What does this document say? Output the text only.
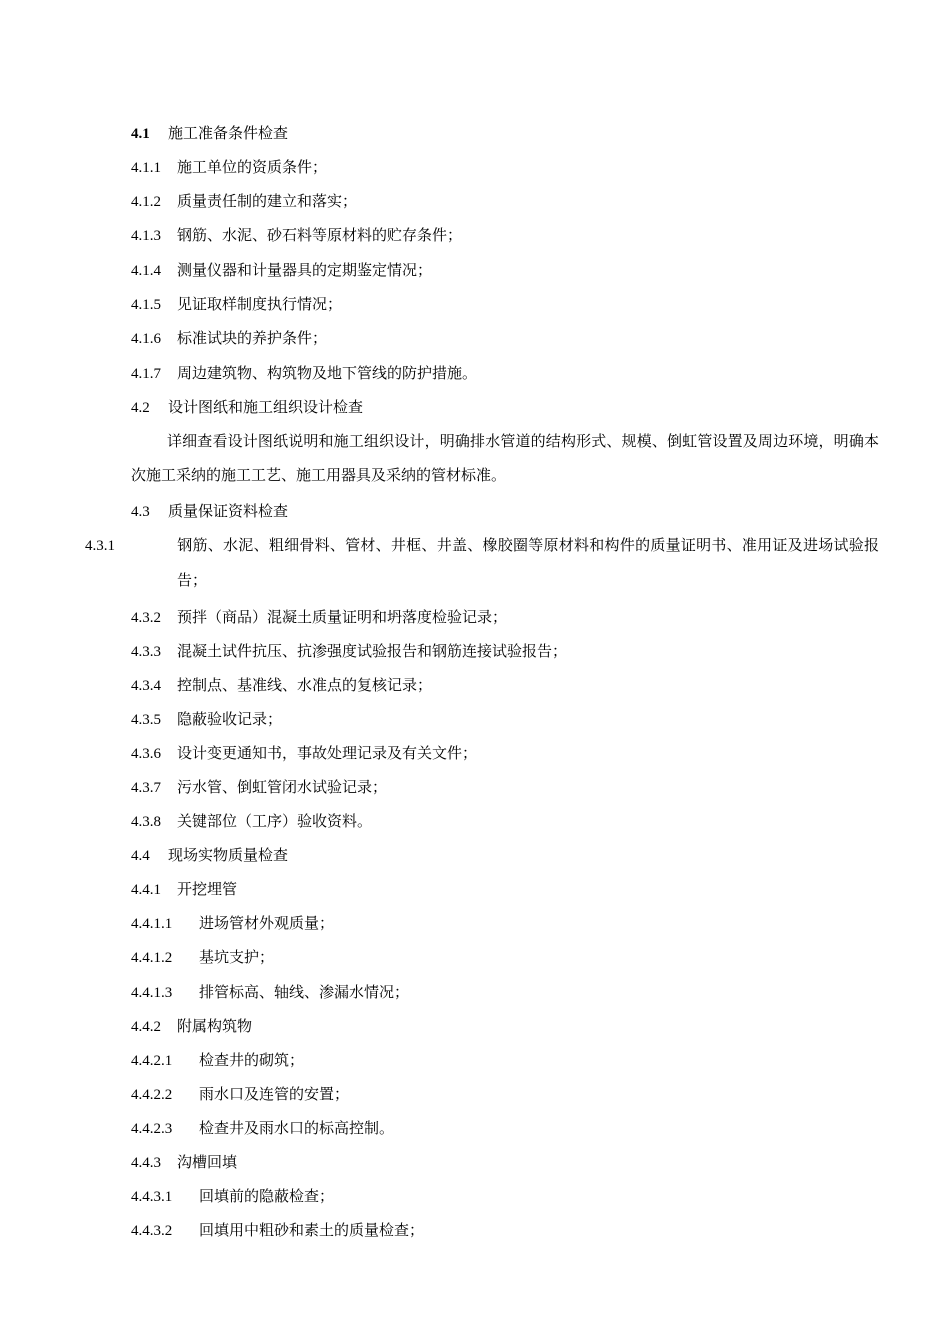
4.1 施工准备条件检查
4.1.1 施工单位的资质条件；
4.1.2 质量责任制的建立和落实；
4.1.3 钢筋、水泥、砂石料等原材料的贮存条件；
4.1.4 测量仪器和计量器具的定期鉴定情况；
4.1.5 见证取样制度执行情况；
4.1.6 标准试块的养护条件；
4.1.7 周边建筑物、构筑物及地下管线的防护措施。
4.2 设计图纸和施工组织设计检查
详细查看设计图纸说明和施工组织设计，明确排水管道的结构形式、规模、倒虹管设置及周边环境，明确本次施工采纳的施工工艺、施工用器具及采纳的管材标准。
4.3 质量保证资料检查
4.3.1	钢筋、水泥、粗细骨料、管材、井框、井盖、橡胶圈等原材料和构件的质量证明书、准用证及进场试验报告；
4.3.2 预拌（商品）混凝土质量证明和坍落度检验记录；
4.3.3 混凝土试件抗压、抗渗强度试验报告和钢筋连接试验报告；
4.3.4 控制点、基准线、水准点的复核记录；
4.3.5 隐蔽验收记录；
4.3.6 设计变更通知书，事故处理记录及有关文件；
4.3.7 污水管、倒虹管闭水试验记录；
4.3.8 关键部位（工序）验收资料。
4.4 现场实物质量检查
4.4.1 开挖埋管
4.4.1.1 进场管材外观质量；
4.4.1.2 基坑支护；
4.4.1.3 排管标高、轴线、渗漏水情况；
4.4.2 附属构筑物
4.4.2.1 检查井的砌筑；
4.4.2.2 雨水口及连管的安置；
4.4.2.3 检查井及雨水口的标高控制。
4.4.3 沟槽回填
4.4.3.1 回填前的隐蔽检查；
4.4.3.2 回填用中粗砂和素土的质量检查；
